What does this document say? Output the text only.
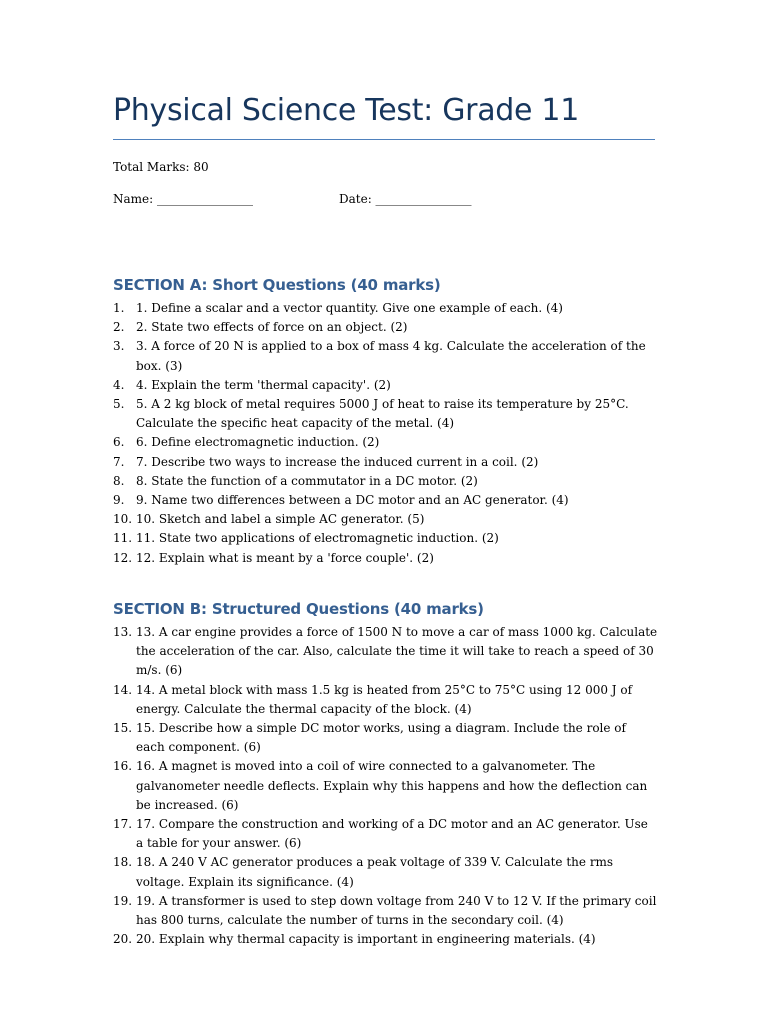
Physical Science Test: Grade 11
Total Marks: 80
Name: ________________	Date: ________________
SECTION A: Short Questions (40 marks)
1. 1. Define a scalar and a vector quantity. Give one example of each. (4)
2. 2. State two effects of force on an object. (2)
3. 3. A force of 20 N is applied to a box of mass 4 kg. Calculate the acceleration of the box. (3)
4. 4. Explain the term 'thermal capacity'. (2)
5. 5. A 2 kg block of metal requires 5000 J of heat to raise its temperature by 25°C. Calculate the specific heat capacity of the metal. (4)
6. 6. Define electromagnetic induction. (2)
7. 7. Describe two ways to increase the induced current in a coil. (2)
8. 8. State the function of a commutator in a DC motor. (2)
9. 9. Name two differences between a DC motor and an AC generator. (4)
10. 10. Sketch and label a simple AC generator. (5)
11. 11. State two applications of electromagnetic induction. (2)
12. 12. Explain what is meant by a 'force couple'. (2)
SECTION B: Structured Questions (40 marks)
13. 13. A car engine provides a force of 1500 N to move a car of mass 1000 kg. Calculate the acceleration of the car. Also, calculate the time it will take to reach a speed of 30 m/s. (6)
14. 14. A metal block with mass 1.5 kg is heated from 25°C to 75°C using 12 000 J of energy. Calculate the thermal capacity of the block. (4)
15. 15. Describe how a simple DC motor works, using a diagram. Include the role of each component. (6)
16. 16. A magnet is moved into a coil of wire connected to a galvanometer. The galvanometer needle deflects. Explain why this happens and how the deflection can be increased. (6)
17. 17. Compare the construction and working of a DC motor and an AC generator. Use a table for your answer. (6)
18. 18. A 240 V AC generator produces a peak voltage of 339 V. Calculate the rms voltage. Explain its significance. (4)
19. 19. A transformer is used to step down voltage from 240 V to 12 V. If the primary coil has 800 turns, calculate the number of turns in the secondary coil. (4)
20. 20. Explain why thermal capacity is important in engineering materials. (4)
